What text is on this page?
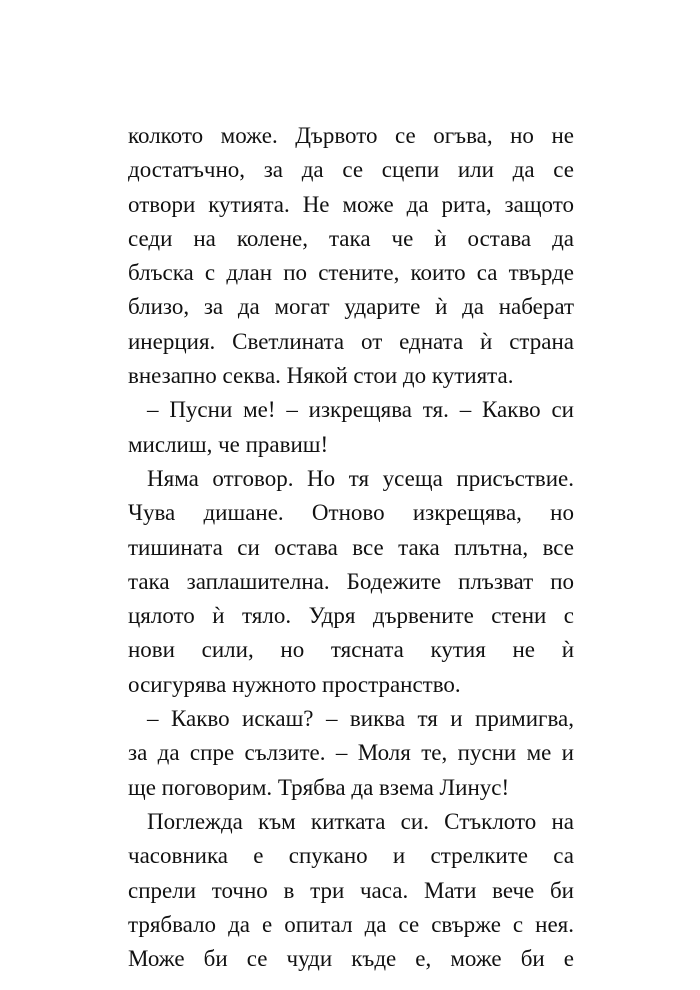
колкото може. Дървото се огъва, но не
достатъчно, за да се сцепи или да се
отвори кутията. Не може да рита, защото
седи на колене, така че ѝ остава да
блъска с длан по стените, които са твърде
близо, за да могат ударите ѝ да наберат
инерция. Светлината от едната ѝ страна
внезапно секва. Някой стои до кутията.
– Пусни ме! – изкрещява тя. – Какво си
мислиш, че правиш!
Няма отговор. Но тя усеща присъствие.
Чува дишане. Отново изкрещява, но
тишината си остава все така плътна, все
така заплашителна. Бодежите плъзват по
цялото ѝ тяло. Удря дървените стени с
нови сили, но тясната кутия не ѝ
осигурява нужното пространство.
– Какво искаш? – виква тя и примигва,
за да спре сълзите. – Моля те, пусни ме и
ще поговорим. Трябва да взема Линус!
Поглежда към китката си. Стъклото на
часовника е спукано и стрелките са
спрели точно в три часа. Мати вече би
трябвало да е опитал да се свърже с нея.
Може би се чуди къде е, може би е
